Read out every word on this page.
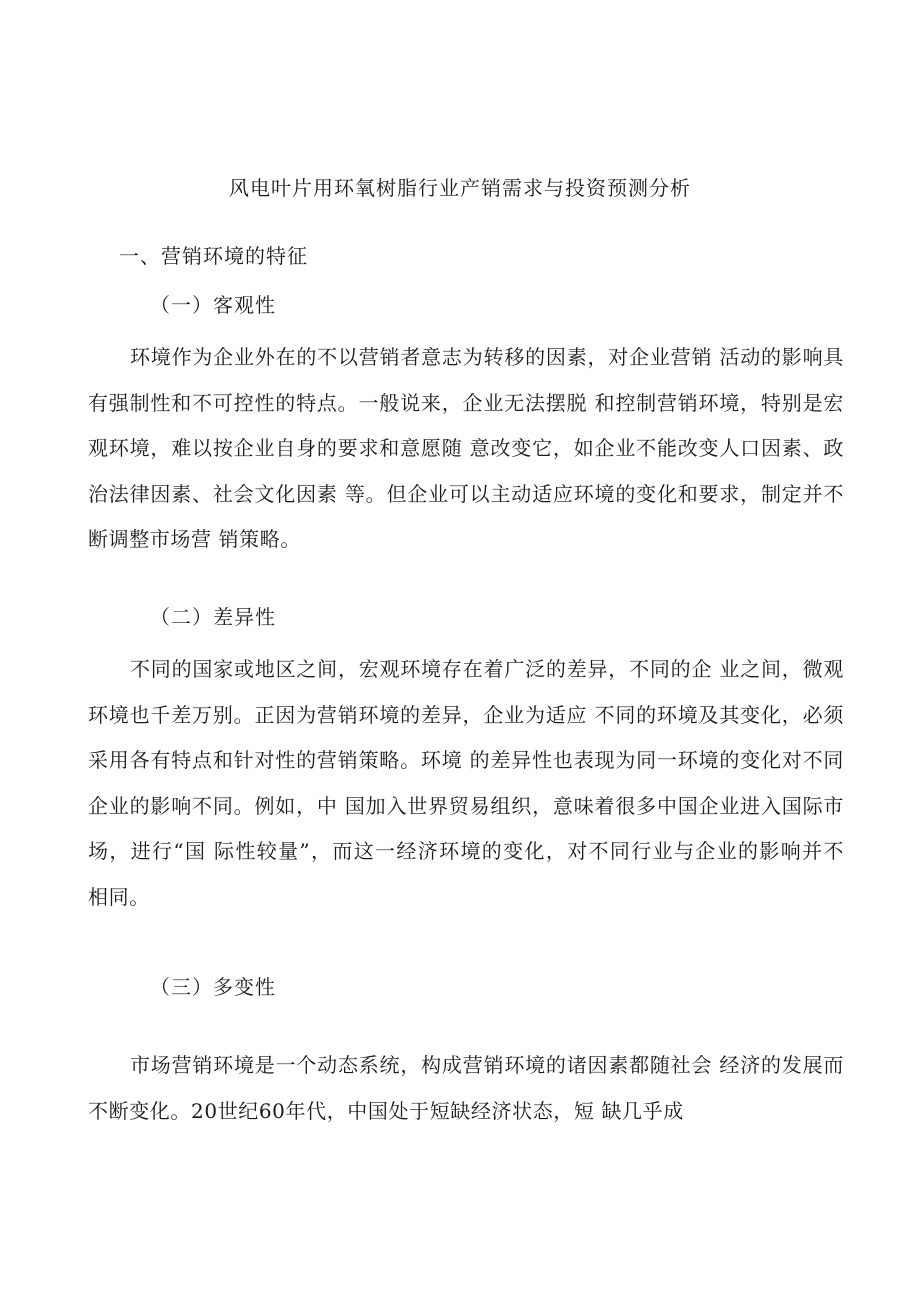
风电叶片用环氧树脂行业产销需求与投资预测分析
一、营销环境的特征
（一）客观性

环境作为企业外在的不以营销者意志为转移的因素，对企业营销 活动的影响具有强制性和不可控性的特点。一般说来，企业无法摆脱 和控制营销环境，特别是宏观环境，难以按企业自身的要求和意愿随 意改变它，如企业不能改变人口因素、政治法律因素、社会文化因素 等。但企业可以主动适应环境的变化和要求，制定并不断调整市场营 销策略。

（二）差异性

不同的国家或地区之间，宏观环境存在着广泛的差异，不同的企 业之间，微观环境也千差万别。正因为营销环境的差异，企业为适应 不同的环境及其变化，必须采用各有特点和针对性的营销策略。环境 的差异性也表现为同一环境的变化对不同企业的影响不同。例如，中 国加入世界贸易组织，意味着很多中国企业进入国际市场，进行“国 际性较量”，而这一经济环境的变化，对不同行业与企业的影响并不 相同。

（三）多变性

市场营销环境是一个动态系统，构成营销环境的诸因素都随社会 经济的发展而不断变化。20世纪60年代，中国处于短缺经济状态，短 缺几乎成
